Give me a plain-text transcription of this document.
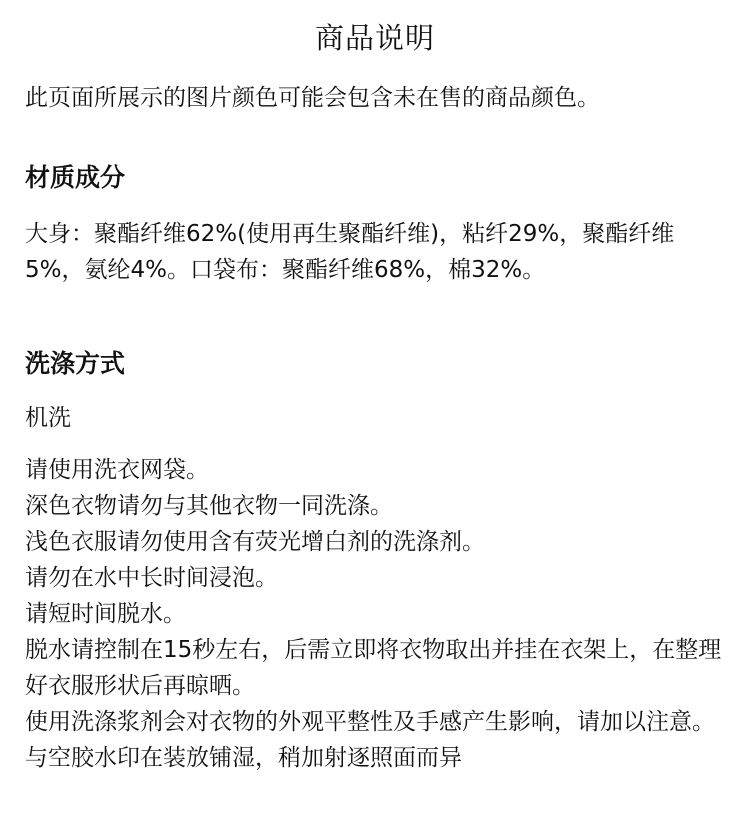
商品说明
此页面所展示的图片颜色可能会包含未在售的商品颜色。
材质成分
大身：聚酯纤维62%(使用再生聚酯纤维)，粘纤29%，聚酯纤维5%，氨纶4%。口袋布：聚酯纤维68%，棉32%。
洗涤方式
机洗
请使用洗衣网袋。
深色衣物请勿与其他衣物一同洗涤。
浅色衣服请勿使用含有荧光增白剂的洗涤剂。
请勿在水中长时间浸泡。
请短时间脱水。
脱水请控制在15秒左右，后需立即将衣物取出并挂在衣架上，在整理好衣服形状后再晾晒。
使用洗涤浆剂会对衣物的外观平整性及手感产生影响，请加以注意。
与空胶水印在装放铺湿，稍加射逐照面而异
